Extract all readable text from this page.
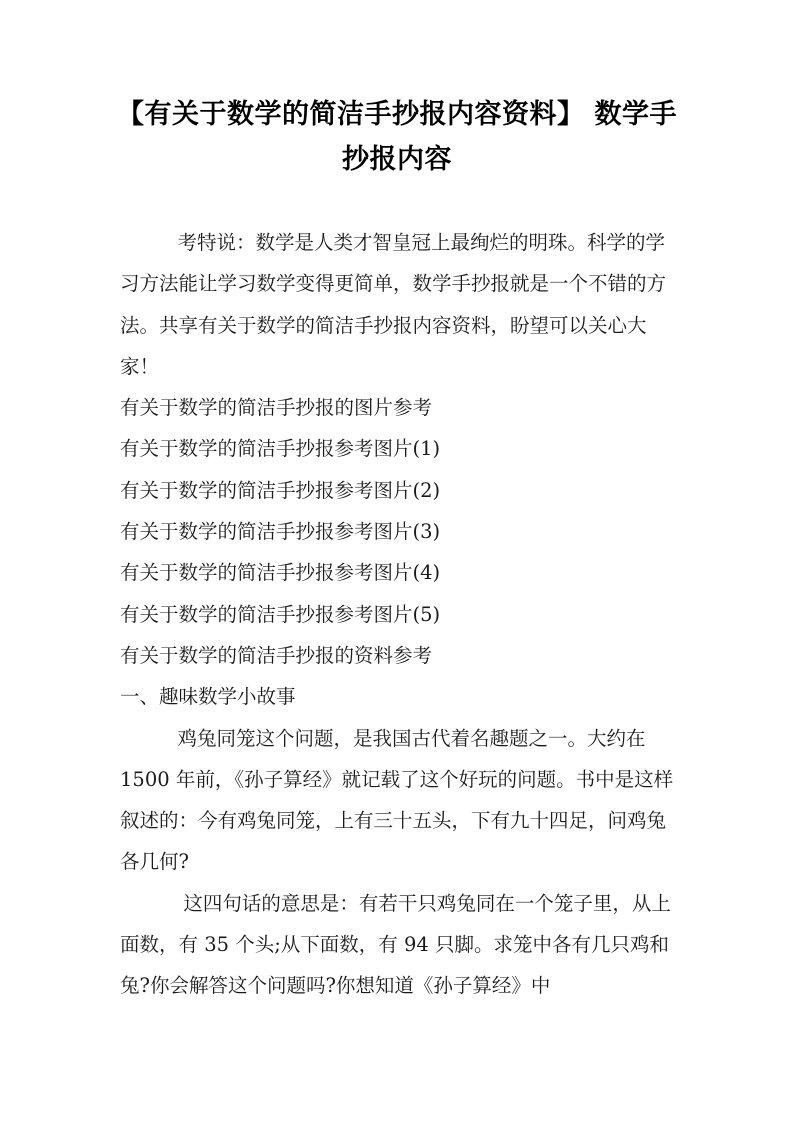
【有关于数学的简洁手抄报内容资料】 数学手抄报内容

考特说：数学是人类才智皇冠上最绚烂的明珠。科学的学习方法能让学习数学变得更简单，数学手抄报就是一个不错的方法。共享有关于数学的简洁手抄报内容资料，盼望可以关心大家！

有关于数学的简洁手抄报的图片参考

有关于数学的简洁手抄报参考图片(1)

有关于数学的简洁手抄报参考图片(2)

有关于数学的简洁手抄报参考图片(3)

有关于数学的简洁手抄报参考图片(4)

有关于数学的简洁手抄报参考图片(5)

有关于数学的简洁手抄报的资料参考

一、趣味数学小故事

鸡兔同笼这个问题，是我国古代着名趣题之一。大约在 1500 年前，《孙子算经》就记载了这个好玩的问题。书中是这样叙述的：今有鸡兔同笼，上有三十五头，下有九十四足，问鸡兔各几何?

这四句话的意思是：有若干只鸡兔同在一个笼子里，从上面数，有 35 个头;从下面数，有 94 只脚。求笼中各有几只鸡和兔?你会解答这个问题吗?你想知道《孙子算经》中
